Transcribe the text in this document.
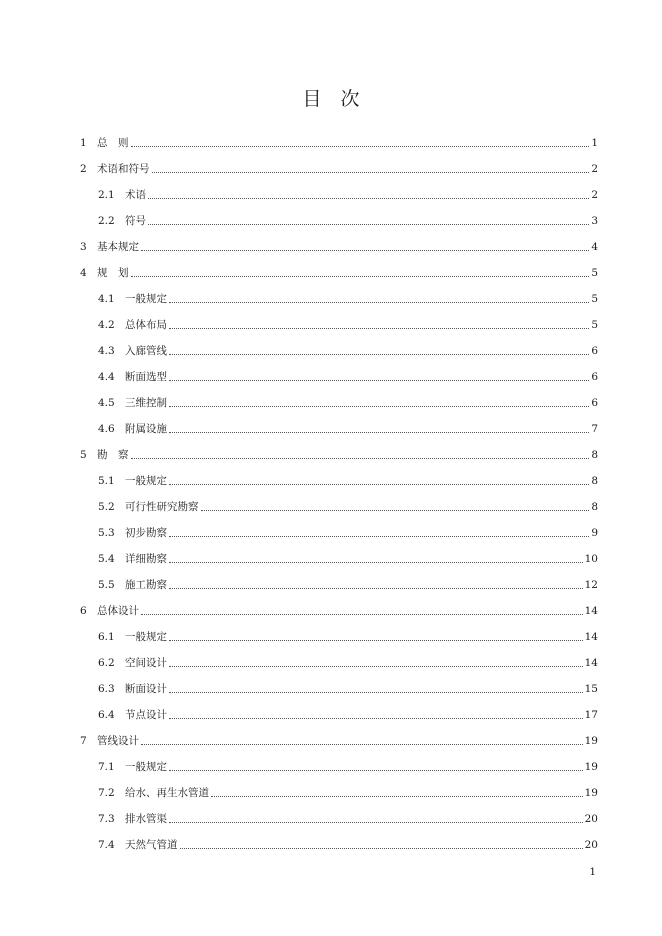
目　次
1 总　则	1
2 术语和符号	2
2.1 术语	2
2.2 符号	3
3 基本规定	4
4 规　划	5
4.1 一般规定	5
4.2 总体布局	5
4.3 入廊管线	6
4.4 断面选型	6
4.5 三维控制	6
4.6 附属设施	7
5 勘　察	8
5.1 一般规定	8
5.2 可行性研究勘察	8
5.3 初步勘察	9
5.4 详细勘察	10
5.5 施工勘察	12
6 总体设计	14
6.1 一般规定	14
6.2 空间设计	14
6.3 断面设计	15
6.4 节点设计	17
7 管线设计	19
7.1 一般规定	19
7.2 给水、再生水管道	19
7.3 排水管渠	20
7.4 天然气管道	20
1
